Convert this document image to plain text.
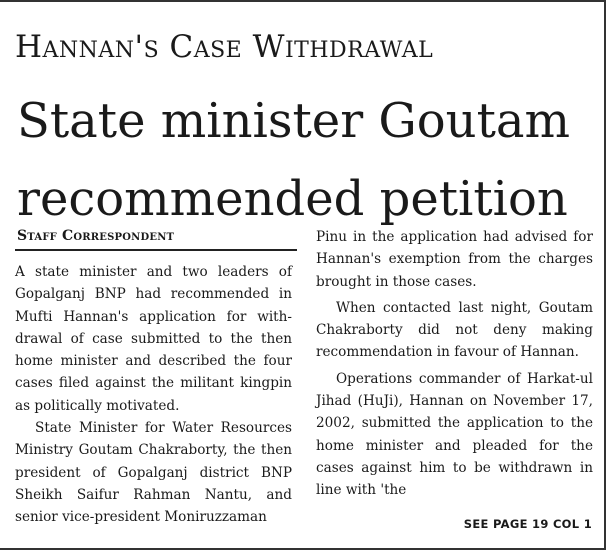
Hannan's Case Withdrawal
State minister Goutam recommended petition
Staff Correspondent

A state minister and two leaders of Gopalganj BNP had recommended in Mufti Hannan's application for with-drawal of case submitted to the then home minister and described the four cases filed against the militant kingpin as politically motivated.

State Minister for Water Resources Ministry Goutam Chakraborty, the then president of Gopalganj district BNP Sheikh Saifur Rahman Nantu, and senior vice-president Moniruzzaman

Pinu in the application had advised for Hannan's exemption from the charges brought in those cases.

When contacted last night, Goutam Chakraborty did not deny making recommendation in favour of Hannan.

Operations commander of Harkat-ul Jihad (HuJi), Hannan on November 17, 2002, submitted the application to the home minister and pleaded for the cases against him to be withdrawn in line with 'the

SEE PAGE 19 COL 1
